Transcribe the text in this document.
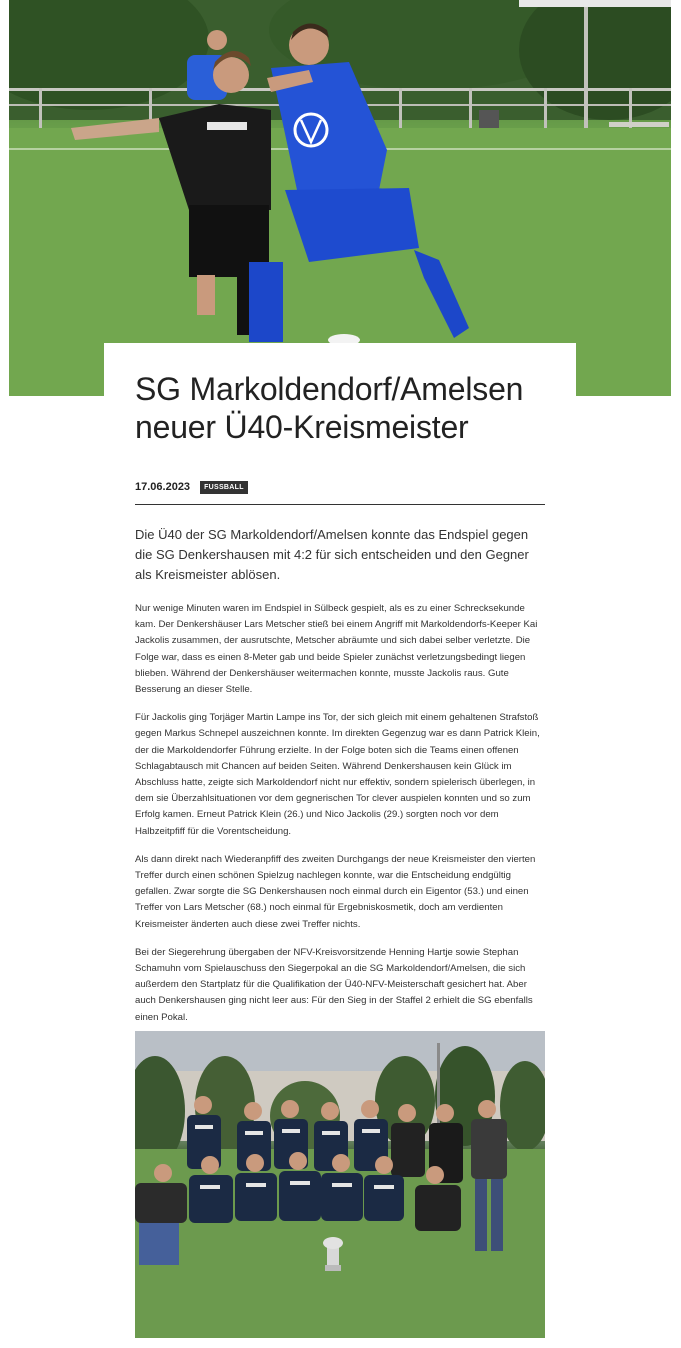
SG Markoldendorf/Amelsen
neuer Ü40-Kreismeister
17.06.2023	FUSSBALL

Die Ü40 der SG Markoldendorf/Amelsen konnte das Endspiel gegen die SG Denkershausen mit 4:2 für sich entscheiden und den Gegner als Kreismeister ablösen.

Nur wenige Minuten waren im Endspiel in Sülbeck gespielt, als es zu einer Schrecksekunde kam. Der Denkershäuser Lars Metscher stieß bei einem Angriff mit Markoldendorfs-Keeper Kai Jackolis zusammen, der ausrutschte, Metscher abräumte und sich dabei selber verletzte. Die Folge war, dass es einen 8-Meter gab und beide Spieler zunächst verletzungsbedingt liegen blieben. Während der Denkershäuser weitermachen konnte, musste Jackolis raus. Gute Besserung an dieser Stelle.

Für Jackolis ging Torjäger Martin Lampe ins Tor, der sich gleich mit einem gehaltenen Strafstoß gegen Markus Schnepel auszeichnen konnte. Im direkten Gegenzug war es dann Patrick Klein, der die Markoldendorfer Führung erzielte. In der Folge boten sich die Teams einen offenen Schlagabtausch mit Chancen auf beiden Seiten. Während Denkershausen kein Glück im Abschluss hatte, zeigte sich Markoldendorf nicht nur effektiv, sondern spielerisch überlegen, in dem sie Überzahlsituationen vor dem gegnerischen Tor clever auspielen konnten und so zum Erfolg kamen. Erneut Patrick Klein (26.) und Nico Jackolis (29.) sorgten noch vor dem Halbzeitpfiff für die Vorentscheidung.

Als dann direkt nach Wiederanpfiff des zweiten Durchgangs der neue Kreismeister den vierten Treffer durch einen schönen Spielzug nachlegen konnte, war die Entscheidung endgültig gefallen. Zwar sorgte die SG Denkershausen noch einmal durch ein Eigentor (53.) und einen Treffer von Lars Metscher (68.) noch einmal für Ergebniskosmetik, doch am verdienten Kreismeister änderten auch diese zwei Treffer nichts.

Bei der Siegerehrung übergaben der NFV-Kreisvorsitzende Henning Hartje sowie Stephan Schamuhn vom Spielauschuss den Siegerpokal an die SG Markoldendorf/Amelsen, die sich außerdem den Startplatz für die Qualifikation der Ü40-NFV-Meisterschaft gesichert hat. Aber auch Denkershausen ging nicht leer aus: Für den Sieg in der Staffel 2 erhielt die SG ebenfalls einen Pokal.
